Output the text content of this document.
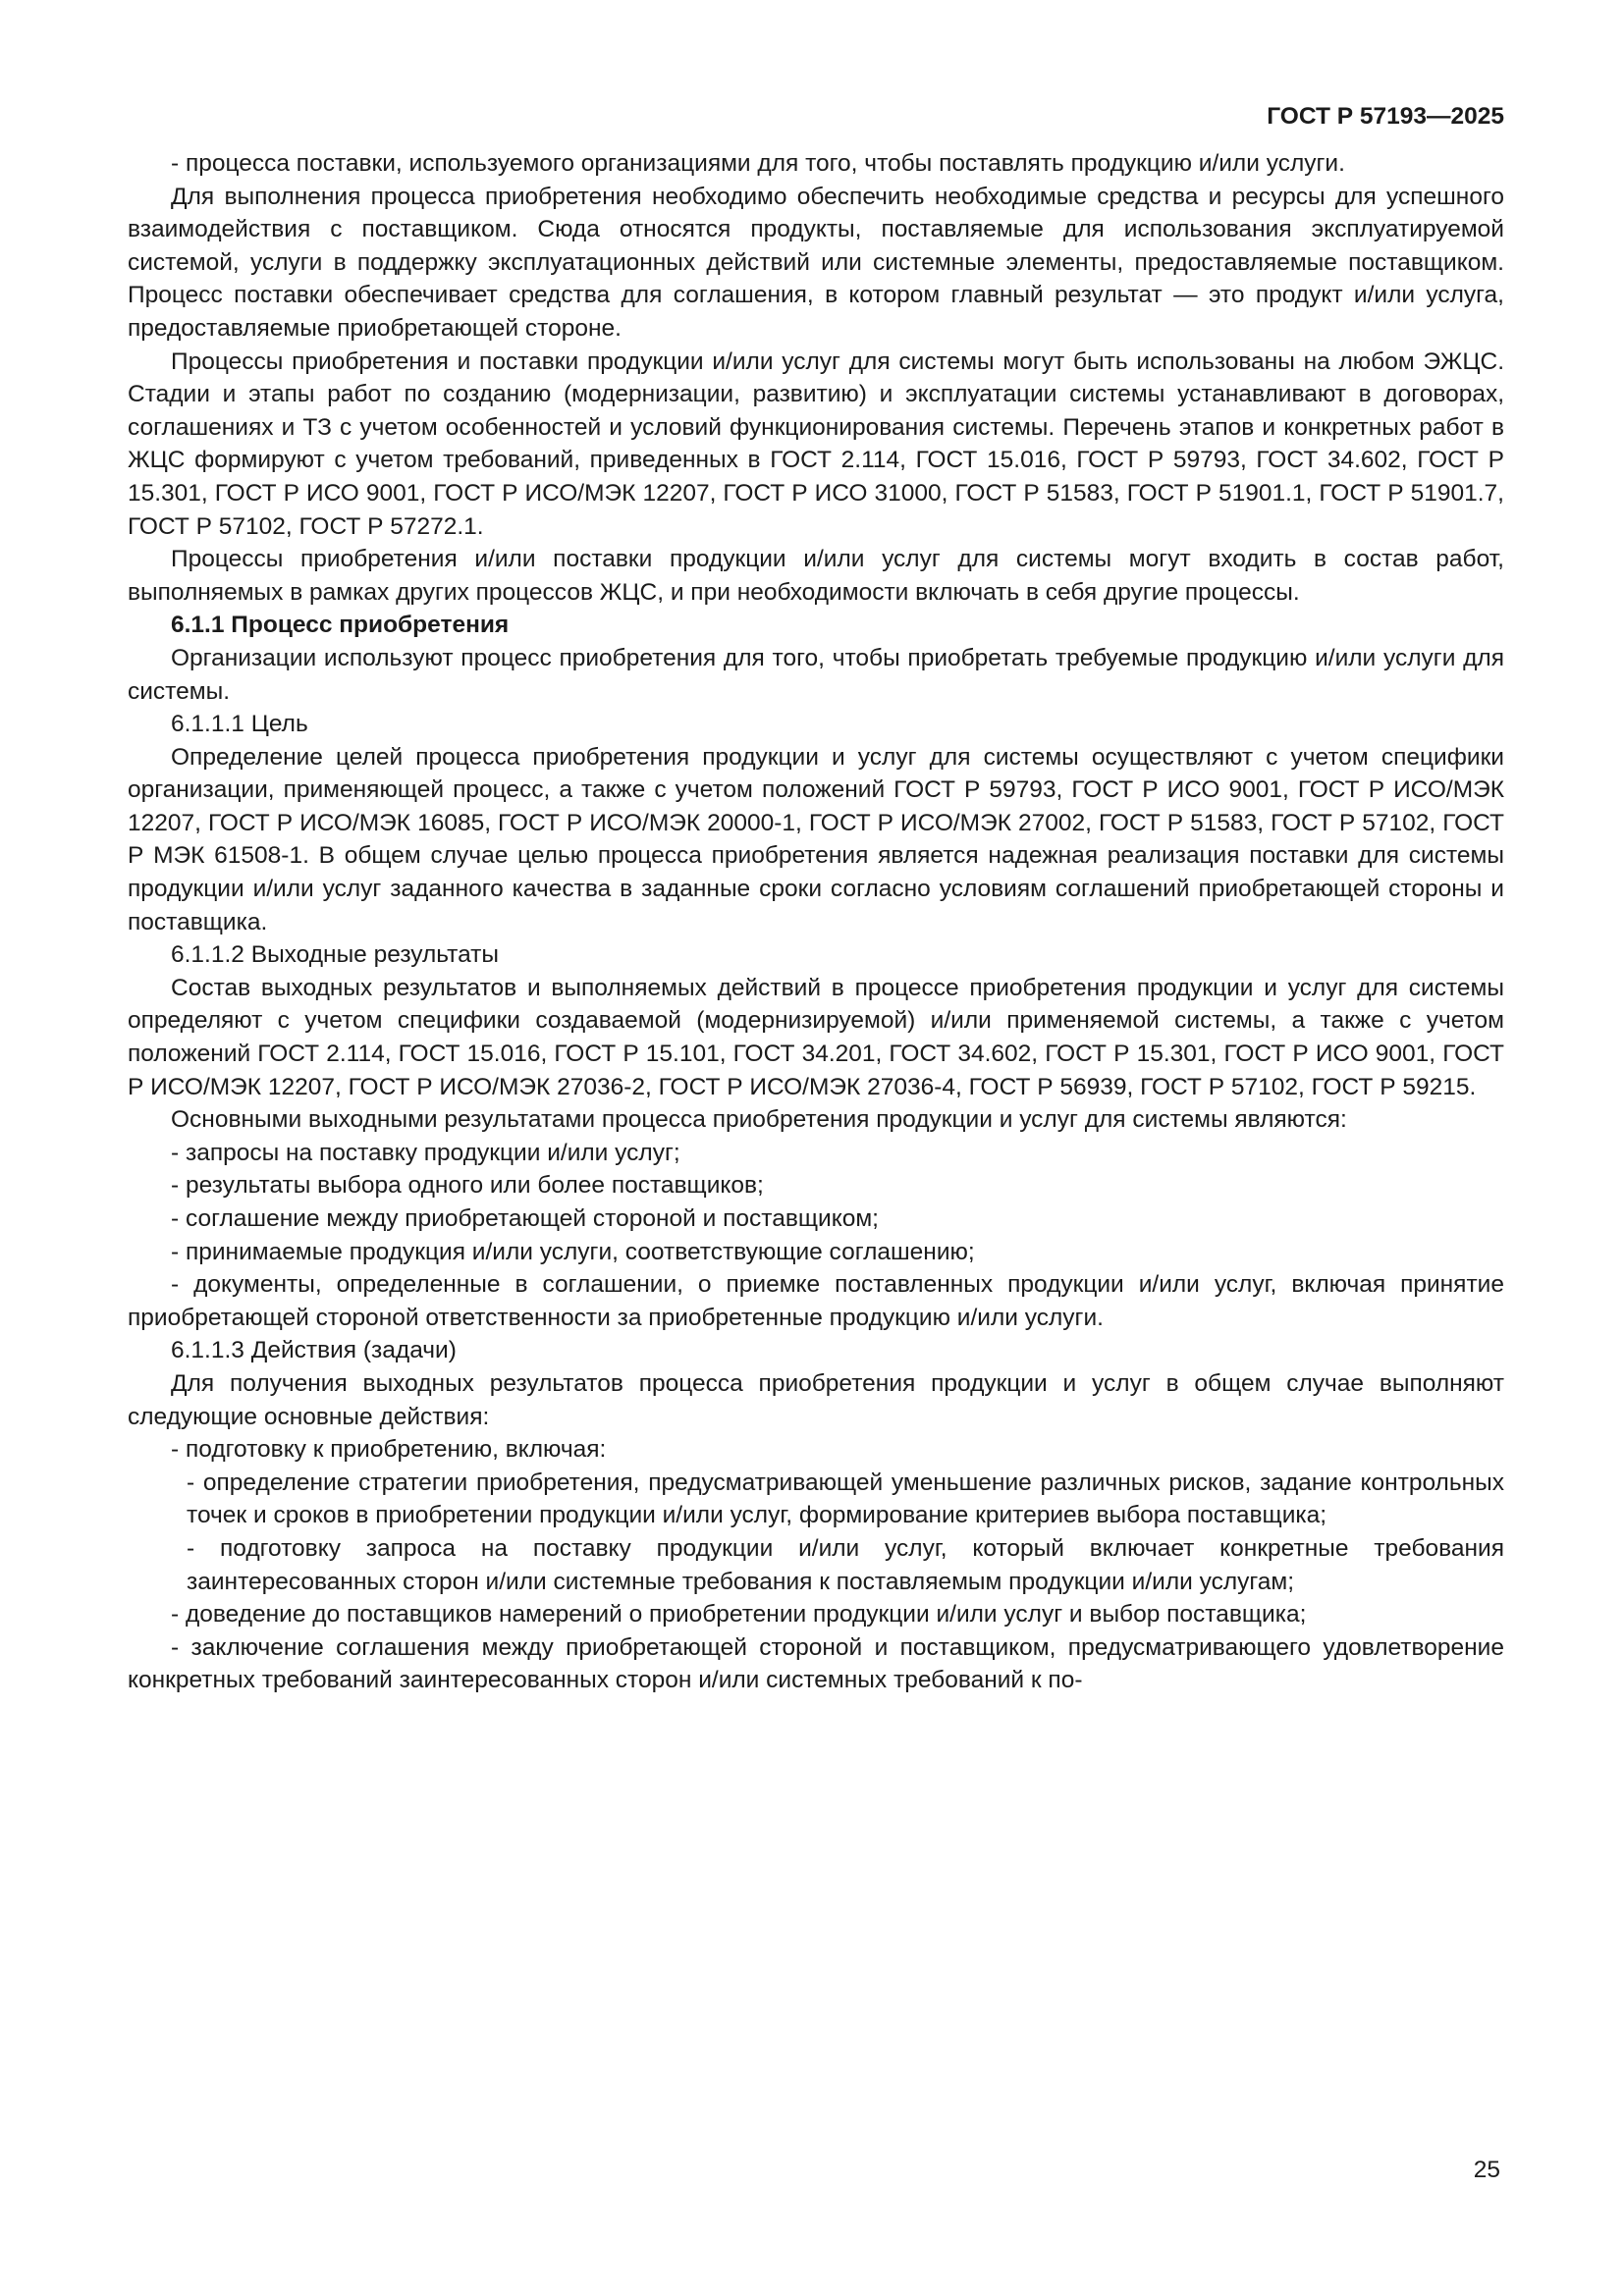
ГОСТ Р 57193—2025

- процесса поставки, используемого организациями для того, чтобы поставлять продукцию и/или услуги.

Для выполнения процесса приобретения необходимо обеспечить необходимые средства и ресурсы для успешного взаимодействия с поставщиком. Сюда относятся продукты, поставляемые для использования эксплуатируемой системой, услуги в поддержку эксплуатационных действий или системные элементы, предоставляемые поставщиком. Процесс поставки обеспечивает средства для соглашения, в котором главный результат — это продукт и/или услуга, предоставляемые приобретающей стороне.

Процессы приобретения и поставки продукции и/или услуг для системы могут быть использованы на любом ЭЖЦС. Стадии и этапы работ по созданию (модернизации, развитию) и эксплуатации системы устанавливают в договорах, соглашениях и ТЗ с учетом особенностей и условий функционирования системы. Перечень этапов и конкретных работ в ЖЦС формируют с учетом требований, приведенных в ГОСТ 2.114, ГОСТ 15.016, ГОСТ Р 59793, ГОСТ 34.602, ГОСТ Р 15.301, ГОСТ Р ИСО 9001, ГОСТ Р ИСО/МЭК 12207, ГОСТ Р ИСО 31000, ГОСТ Р 51583, ГОСТ Р 51901.1, ГОСТ Р 51901.7, ГОСТ Р 57102, ГОСТ Р 57272.1.

Процессы приобретения и/или поставки продукции и/или услуг для системы могут входить в состав работ, выполняемых в рамках других процессов ЖЦС, и при необходимости включать в себя другие процессы.

6.1.1 Процесс приобретения

Организации используют процесс приобретения для того, чтобы приобретать требуемые продукцию и/или услуги для системы.

6.1.1.1 Цель

Определение целей процесса приобретения продукции и услуг для системы осуществляют с учетом специфики организации, применяющей процесс, а также с учетом положений ГОСТ Р 59793, ГОСТ Р ИСО 9001, ГОСТ Р ИСО/МЭК 12207, ГОСТ Р ИСО/МЭК 16085, ГОСТ Р ИСО/МЭК 20000-1, ГОСТ Р ИСО/МЭК 27002, ГОСТ Р 51583, ГОСТ Р 57102, ГОСТ Р МЭК 61508-1. В общем случае целью процесса приобретения является надежная реализация поставки для системы продукции и/или услуг заданного качества в заданные сроки согласно условиям соглашений приобретающей стороны и поставщика.

6.1.1.2 Выходные результаты

Состав выходных результатов и выполняемых действий в процессе приобретения продукции и услуг для системы определяют с учетом специфики создаваемой (модернизируемой) и/или применяемой системы, а также с учетом положений ГОСТ 2.114, ГОСТ 15.016, ГОСТ Р 15.101, ГОСТ 34.201, ГОСТ 34.602, ГОСТ Р 15.301, ГОСТ Р ИСО 9001, ГОСТ Р ИСО/МЭК 12207, ГОСТ Р ИСО/МЭК 27036-2, ГОСТ Р ИСО/МЭК 27036-4, ГОСТ Р 56939, ГОСТ Р 57102, ГОСТ Р 59215.

Основными выходными результатами процесса приобретения продукции и услуг для системы являются:

- запросы на поставку продукции и/или услуг;

- результаты выбора одного или более поставщиков;

- соглашение между приобретающей стороной и поставщиком;

- принимаемые продукция и/или услуги, соответствующие соглашению;

- документы, определенные в соглашении, о приемке поставленных продукции и/или услуг, включая принятие приобретающей стороной ответственности за приобретенные продукцию и/или услуги.

6.1.1.3 Действия (задачи)

Для получения выходных результатов процесса приобретения продукции и услуг в общем случае выполняют следующие основные действия:

- подготовку к приобретению, включая:

- определение стратегии приобретения, предусматривающей уменьшение различных рисков, задание контрольных точек и сроков в приобретении продукции и/или услуг, формирование критериев выбора поставщика;

- подготовку запроса на поставку продукции и/или услуг, который включает конкретные требования заинтересованных сторон и/или системные требования к поставляемым продукции и/или услугам;

- доведение до поставщиков намерений о приобретении продукции и/или услуг и выбор поставщика;

- заключение соглашения между приобретающей стороной и поставщиком, предусматривающего удовлетворение конкретных требований заинтересованных сторон и/или системных требований к по-

25
